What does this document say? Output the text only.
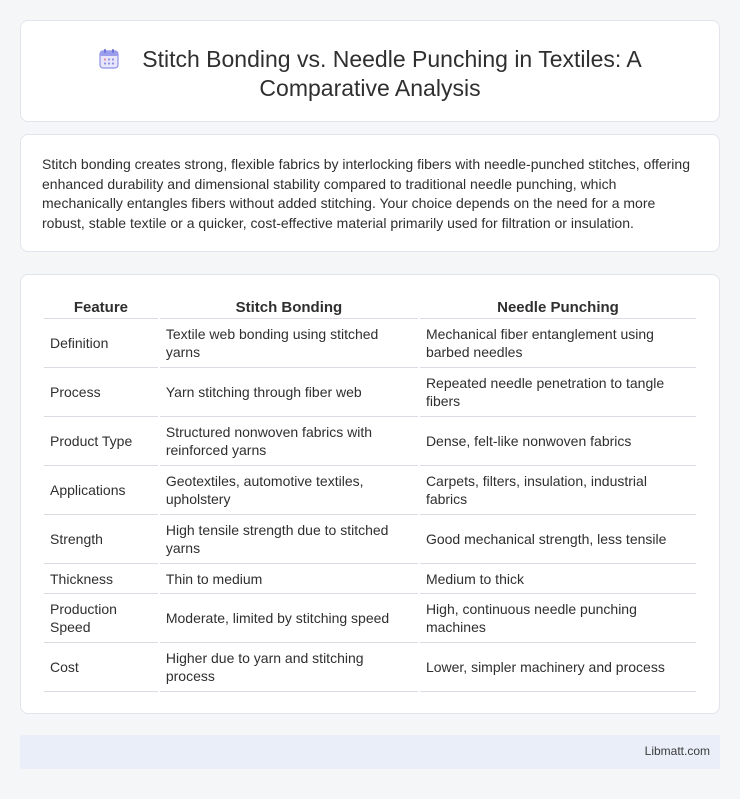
Stitch Bonding vs. Needle Punching in Textiles: A Comparative Analysis

Stitch bonding creates strong, flexible fabrics by interlocking fibers with needle-punched stitches, offering enhanced durability and dimensional stability compared to traditional needle punching, which mechanically entangles fibers without added stitching. Your choice depends on the need for a more robust, stable textile or a quicker, cost-effective material primarily used for filtration or insulation.

Feature	Stitch Bonding	Needle Punching
Definition	Textile web bonding using stitched yarns	Mechanical fiber entanglement using barbed needles
Process	Yarn stitching through fiber web	Repeated needle penetration to tangle fibers
Product Type	Structured nonwoven fabrics with reinforced yarns	Dense, felt-like nonwoven fabrics
Applications	Geotextiles, automotive textiles, upholstery	Carpets, filters, insulation, industrial fabrics
Strength	High tensile strength due to stitched yarns	Good mechanical strength, less tensile
Thickness	Thin to medium	Medium to thick
Production Speed	Moderate, limited by stitching speed	High, continuous needle punching machines
Cost	Higher due to yarn and stitching process	Lower, simpler machinery and process
Libmatt.com
